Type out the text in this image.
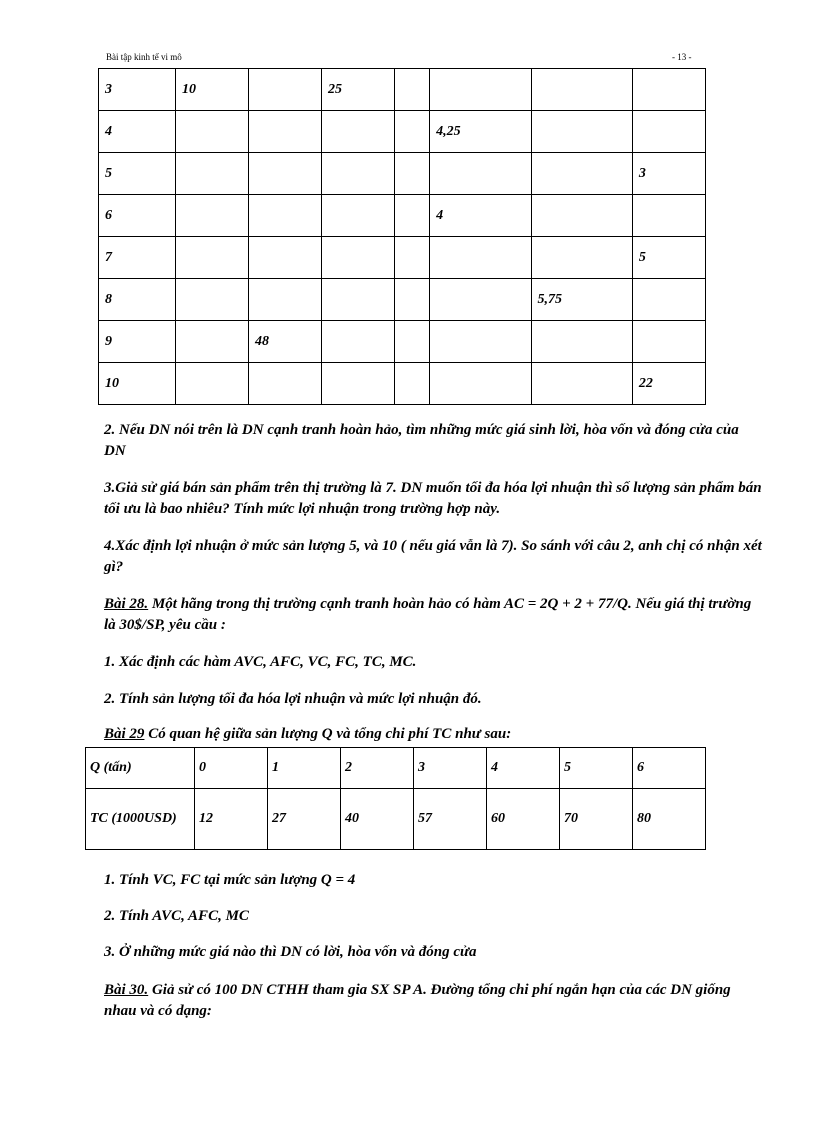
Bài tập kinh tế vi mô	- 13 -
3	10		25				
4					4,25		
5							3
6					4		
7							5
8						5,75	
9		48					
10							22

2. Nếu DN nói trên là DN cạnh tranh hoàn hảo, tìm những mức giá sinh lời, hòa vốn và đóng cửa của DN

3.Giả sử giá bán sản phẩm trên thị trường là 7. DN muốn tối đa hóa lợi nhuận thì số lượng sản phẩm bán tối ưu là bao nhiêu? Tính mức lợi nhuận trong trường hợp này.

4.Xác định lợi nhuận ở mức sản lượng 5, và 10 ( nếu giá vẫn là 7). So sánh với câu 2, anh chị có nhận xét gì?

Bài 28. Một hãng trong thị trường cạnh tranh hoàn hảo có hàm AC = 2Q + 2 + 77/Q. Nếu giá thị trường là 30$/SP, yêu cầu :

1. Xác định các hàm AVC, AFC, VC, FC, TC, MC.

2. Tính sản lượng tối đa hóa lợi nhuận và mức lợi nhuận đó.

Bài 29 Có quan hệ giữa sản lượng Q và tổng chi phí TC như sau:

Q (tấn)	0	1	2	3	4	5	6
TC (1000USD)	12	27	40	57	60	70	80

1. Tính VC, FC tại mức sản lượng Q = 4

2. Tính AVC, AFC, MC

3. Ở những mức giá nào thì DN có lời, hòa vốn và đóng cửa

Bài 30. Giả sử có 100 DN CTHH tham gia SX SP A. Đường tổng chi phí ngắn hạn của các DN giống nhau và có dạng:
